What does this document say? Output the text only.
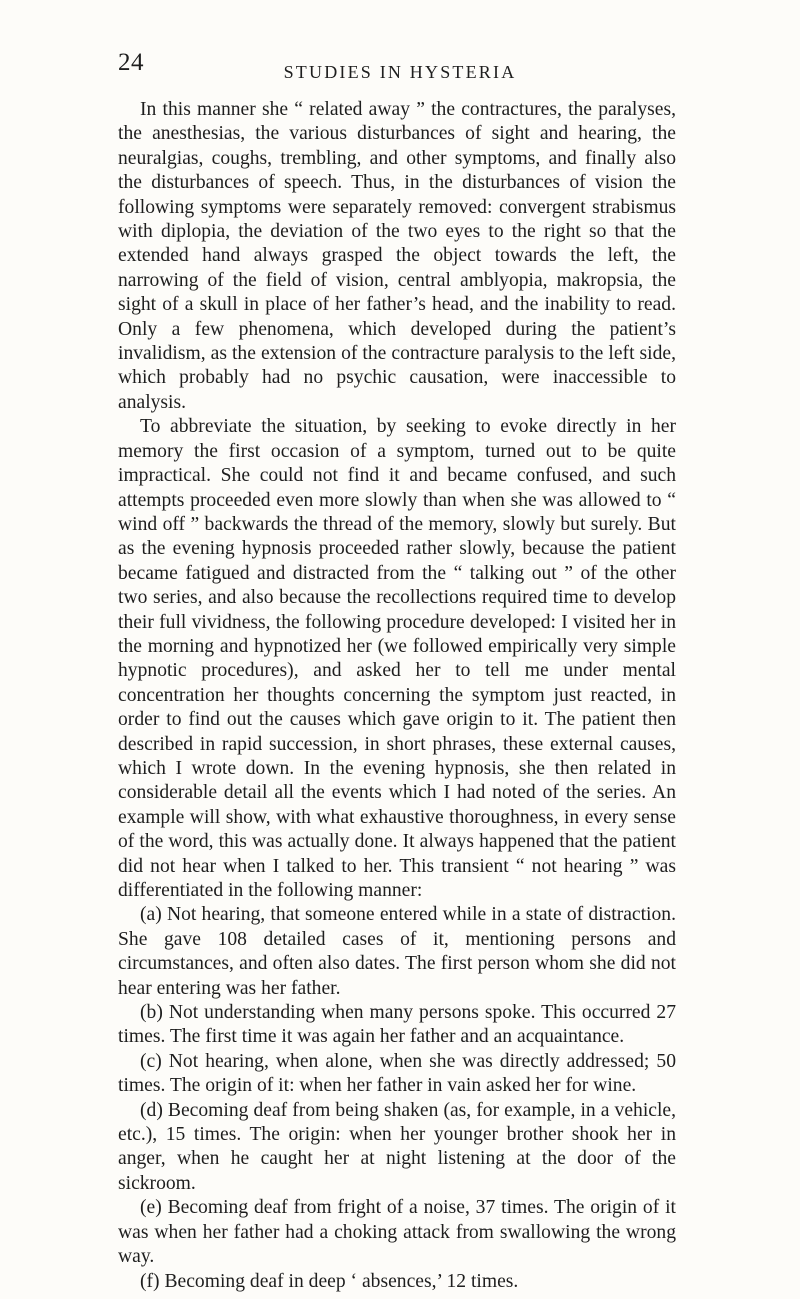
24	STUDIES IN HYSTERIA

In this manner she “ related away ” the contractures, the paralyses, the anesthesias, the various disturbances of sight and hearing, the neuralgias, coughs, trembling, and other symptoms, and finally also the disturbances of speech. Thus, in the disturbances of vision the following symptoms were separately removed: convergent strabismus with diplopia, the deviation of the two eyes to the right so that the extended hand always grasped the object towards the left, the narrowing of the field of vision, central amblyopia, makropsia, the sight of a skull in place of her father’s head, and the inability to read. Only a few phenomena, which developed during the patient’s invalidism, as the extension of the contracture paralysis to the left side, which probably had no psychic causation, were inaccessible to analysis.

To abbreviate the situation, by seeking to evoke directly in her memory the first occasion of a symptom, turned out to be quite impractical. She could not find it and became confused, and such attempts proceeded even more slowly than when she was allowed to “ wind off ” backwards the thread of the memory, slowly but surely. But as the evening hypnosis proceeded rather slowly, because the patient became fatigued and distracted from the “ talking out ” of the other two series, and also because the recollections required time to develop their full vividness, the following procedure developed: I visited her in the morning and hypnotized her (we followed empirically very simple hypnotic procedures), and asked her to tell me under mental concentration her thoughts concerning the symptom just reacted, in order to find out the causes which gave origin to it. The patient then described in rapid succession, in short phrases, these external causes, which I wrote down. In the evening hypnosis, she then related in considerable detail all the events which I had noted of the series. An example will show, with what exhaustive thoroughness, in every sense of the word, this was actually done. It always happened that the patient did not hear when I talked to her. This transient “ not hearing ” was differentiated in the following manner:

(a) Not hearing, that someone entered while in a state of distraction. She gave 108 detailed cases of it, mentioning persons and circumstances, and often also dates. The first person whom she did not hear entering was her father.

(b) Not understanding when many persons spoke. This occurred 27 times. The first time it was again her father and an acquaintance.

(c) Not hearing, when alone, when she was directly addressed; 50 times. The origin of it: when her father in vain asked her for wine.

(d) Becoming deaf from being shaken (as, for example, in a vehicle, etc.), 15 times. The origin: when her younger brother shook her in anger, when he caught her at night listening at the door of the sickroom.

(e) Becoming deaf from fright of a noise, 37 times. The origin of it was when her father had a choking attack from swallowing the wrong way.

(f) Becoming deaf in deep ‘ absences,’ 12 times.
